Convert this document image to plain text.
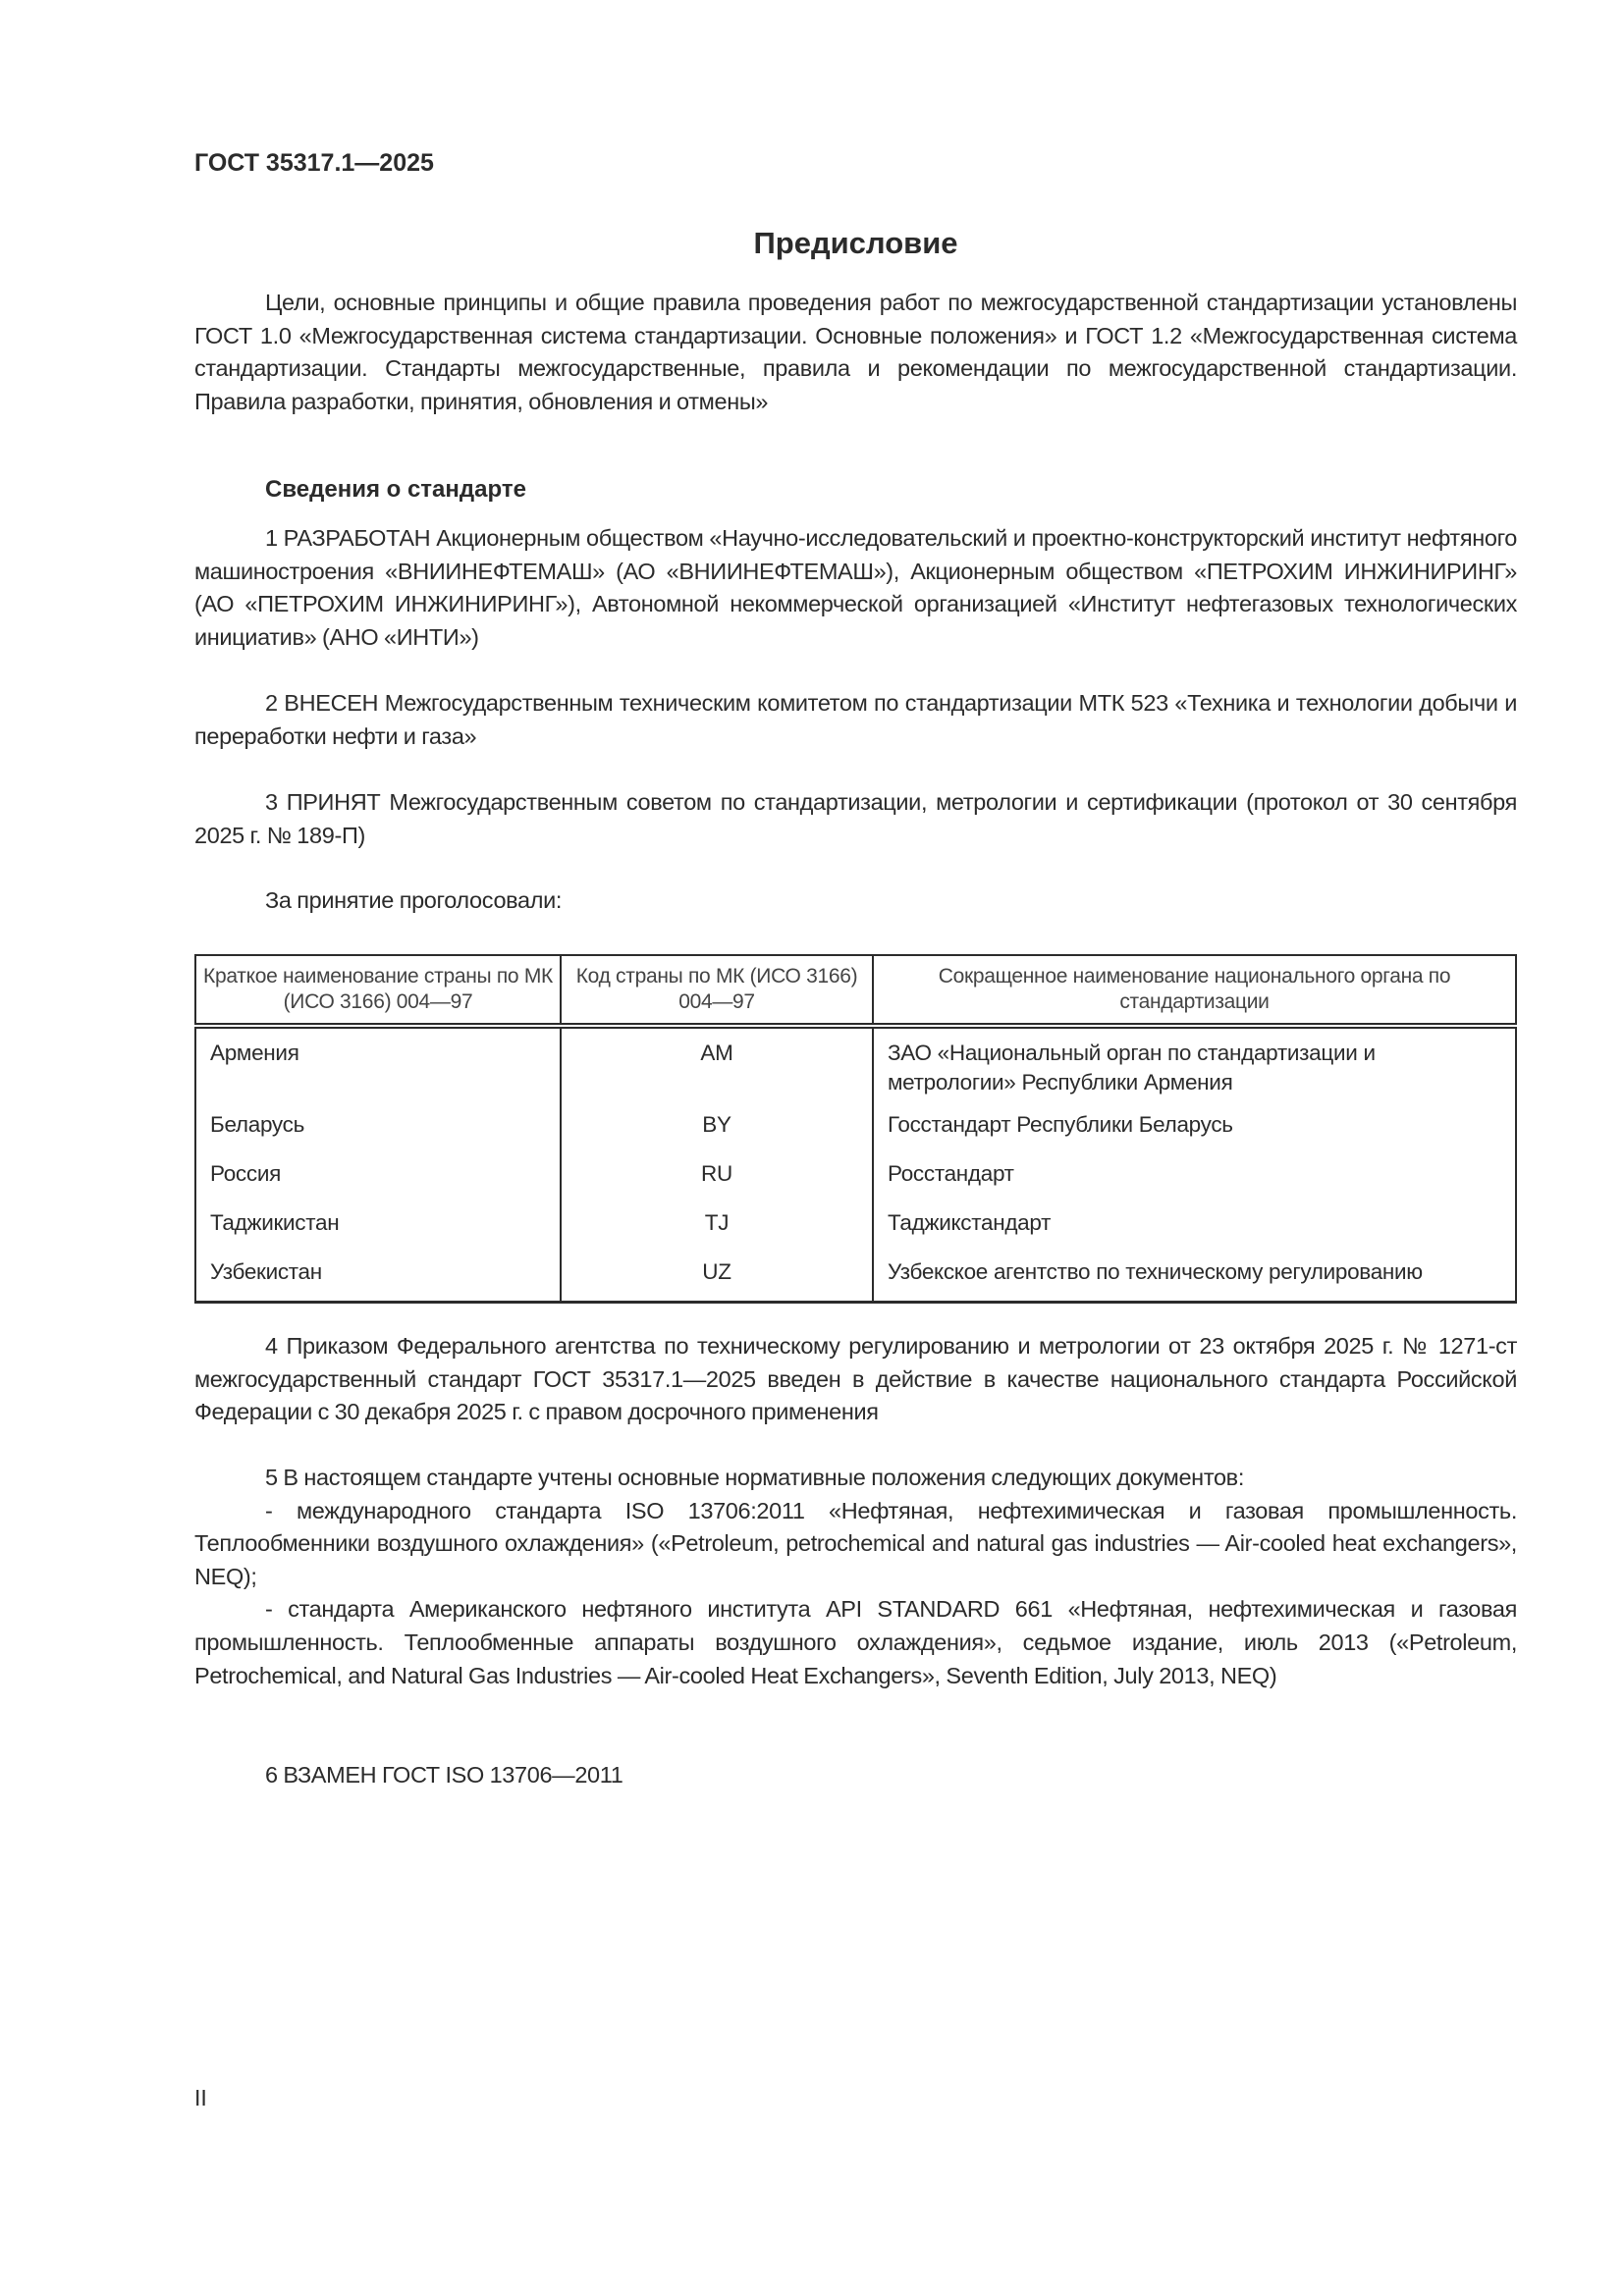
ГОСТ 35317.1—2025
Предисловие

Цели, основные принципы и общие правила проведения работ по межгосударственной стандартизации установлены ГОСТ 1.0 «Межгосударственная система стандартизации. Основные положения» и ГОСТ 1.2 «Межгосударственная система стандартизации. Стандарты межгосударственные, правила и рекомендации по межгосударственной стандартизации. Правила разработки, принятия, обновления и отмены»

Сведения о стандарте

1 РАЗРАБОТАН Акционерным обществом «Научно-исследовательский и проектно-конструкторский институт нефтяного машиностроения «ВНИИНЕФТЕМАШ» (АО «ВНИИНЕФТЕМАШ»), Акционерным обществом «ПЕТРОХИМ ИНЖИНИРИНГ» (АО «ПЕТРОХИМ ИНЖИНИРИНГ»), Автономной некоммерческой организацией «Институт нефтегазовых технологических инициатив» (АНО «ИНТИ»)

2 ВНЕСЕН Межгосударственным техническим комитетом по стандартизации МТК 523 «Техника и технологии добычи и переработки нефти и газа»

3 ПРИНЯТ Межгосударственным советом по стандартизации, метрологии и сертификации (протокол от 30 сентября 2025 г. № 189-П)

За принятие проголосовали:

Краткое наименование страны по МК (ИСО 3166) 004—97	Код страны по МК (ИСО 3166) 004—97	Сокращенное наименование национального органа по стандартизации
Армения	AM	ЗАО «Национальный орган по стандартизации и метрологии» Республики Армения
Беларусь	BY	Госстандарт Республики Беларусь
Россия	RU	Росстандарт
Таджикистан	TJ	Таджикстандарт
Узбекистан	UZ	Узбекское агентство по техническому регулированию

4 Приказом Федерального агентства по техническому регулированию и метрологии от 23 октября 2025 г. № 1271-ст межгосударственный стандарт ГОСТ 35317.1—2025 введен в действие в качестве национального стандарта Российской Федерации с 30 декабря 2025 г. с правом досрочного применения

5 В настоящем стандарте учтены основные нормативные положения следующих документов:

- международного стандарта ISO 13706:2011 «Нефтяная, нефтехимическая и газовая промышленность. Теплообменники воздушного охлаждения» («Petroleum, petrochemical and natural gas industries — Air-cooled heat exchangers», NEQ);

- стандарта Американского нефтяного института API STANDARD 661 «Нефтяная, нефтехимическая и газовая промышленность. Теплообменные аппараты воздушного охлаждения», седьмое издание, июль 2013 («Petroleum, Petrochemical, and Natural Gas Industries — Air-cooled Heat Exchangers», Seventh Edition, July 2013, NEQ)

6 ВЗАМЕН ГОСТ ISO 13706—2011

II
